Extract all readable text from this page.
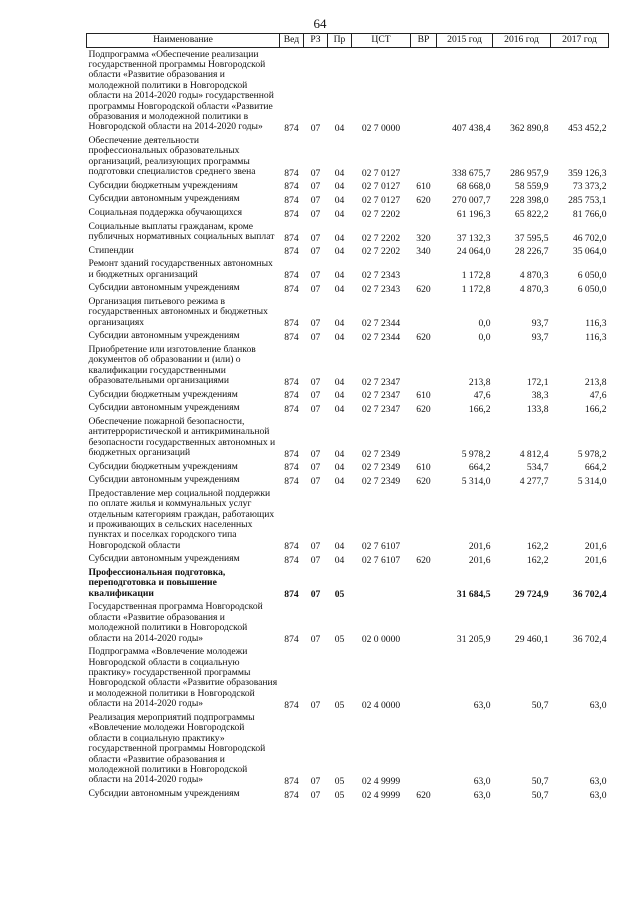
64
Наименование	Вед	РЗ	Пр	ЦСТ	ВР	2015 год	2016 год	2017 год
Подпрограмма «Обеспечение реализации государственной программы Новгородской области «Развитие образования и молодежной политики в Новгородской области на 2014-2020 годы» государственной программы Новгородской области «Развитие образования и молодежной политики в Новгородской области на 2014-2020 годы»	874	07	04	02 7 0000		407 438,4	362 890,8	453 452,2
Обеспечение деятельности профессиональных образовательных организаций, реализующих программы подготовки специалистов среднего звена	874	07	04	02 7 0127		338 675,7	286 957,9	359 126,3
Субсидии бюджетным учреждениям	874	07	04	02 7 0127	610	68 668,0	58 559,9	73 373,2
Субсидии автономным учреждениям	874	07	04	02 7 0127	620	270 007,7	228 398,0	285 753,1
Социальная поддержка обучающихся	874	07	04	02 7 2202		61 196,3	65 822,2	81 766,0
Социальные выплаты гражданам, кроме публичных нормативных социальных выплат	874	07	04	02 7 2202	320	37 132,3	37 595,5	46 702,0
Стипендии	874	07	04	02 7 2202	340	24 064,0	28 226,7	35 064,0
Ремонт зданий государственных автономных и бюджетных организаций	874	07	04	02 7 2343		1 172,8	4 870,3	6 050,0
Субсидии автономным учреждениям	874	07	04	02 7 2343	620	1 172,8	4 870,3	6 050,0
Организация питьевого режима в государственных автономных и бюджетных организациях	874	07	04	02 7 2344		0,0	93,7	116,3
Субсидии автономным учреждениям	874	07	04	02 7 2344	620	0,0	93,7	116,3
Приобретение или изготовление бланков документов об образовании и (или) о квалификации государственными образовательными организациями	874	07	04	02 7 2347		213,8	172,1	213,8
Субсидии бюджетным учреждениям	874	07	04	02 7 2347	610	47,6	38,3	47,6
Субсидии автономным учреждениям	874	07	04	02 7 2347	620	166,2	133,8	166,2
Обеспечение пожарной безопасности, антитеррористической и антикриминальной безопасности государственных автономных и бюджетных организаций	874	07	04	02 7 2349		5 978,2	4 812,4	5 978,2
Субсидии бюджетным учреждениям	874	07	04	02 7 2349	610	664,2	534,7	664,2
Субсидии автономным учреждениям	874	07	04	02 7 2349	620	5 314,0	4 277,7	5 314,0
Предоставление мер социальной поддержки по оплате жилья и коммунальных услуг отдельным категориям граждан, работающих и проживающих в сельских населенных пунктах и поселках городского типа Новгородской области	874	07	04	02 7 6107		201,6	162,2	201,6
Субсидии автономным учреждениям	874	07	04	02 7 6107	620	201,6	162,2	201,6
Профессиональная подготовка, переподготовка и повышение квалификации	874	07	05			31 684,5	29 724,9	36 702,4
Государственная программа Новгородской области «Развитие образования и молодежной политики в Новгородской области на 2014-2020 годы»	874	07	05	02 0 0000		31 205,9	29 460,1	36 702,4
Подпрограмма «Вовлечение молодежи Новгородской области в социальную практику» государственной программы Новгородской области «Развитие образования и молодежной политики в Новгородской области на 2014-2020 годы»	874	07	05	02 4 0000		63,0	50,7	63,0
Реализация мероприятий подпрограммы «Вовлечение молодежи Новгородской области в социальную практику» государственной программы Новгородской области «Развитие образования и молодежной политики в Новгородской области на 2014-2020 годы»	874	07	05	02 4 9999		63,0	50,7	63,0
Субсидии автономным учреждениям	874	07	05	02 4 9999	620	63,0	50,7	63,0
